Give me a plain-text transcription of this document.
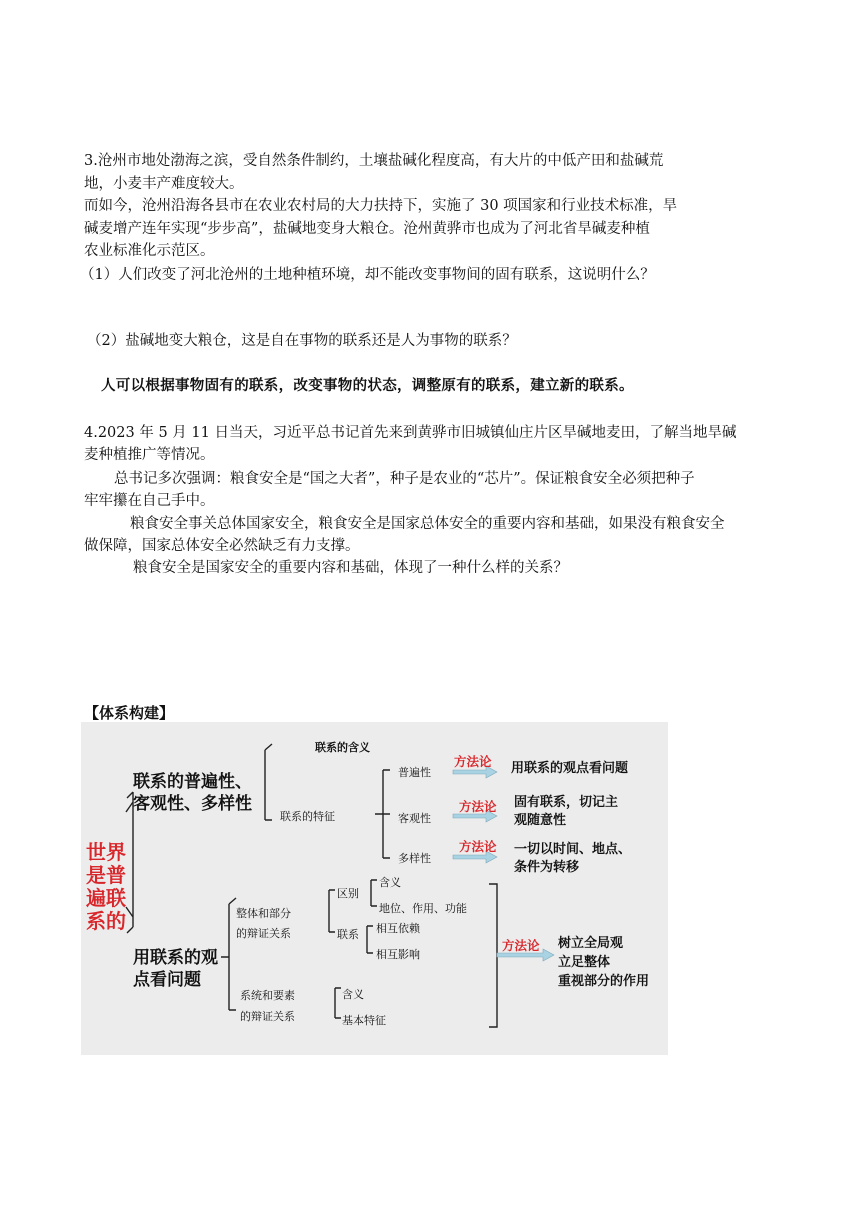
3.沧州市地处渤海之滨，受自然条件制约，土壤盐碱化程度高，有大片的中低产田和盐碱荒
地，小麦丰产难度较大。
而如今，沧州沿海各县市在农业农村局的大力扶持下，实施了 30 项国家和行业技术标准，旱
碱麦增产连年实现“步步高”，盐碱地变身大粮仓。沧州黄骅市也成为了河北省旱碱麦种植
农业标准化示范区。
（1）人们改变了河北沧州的土地种植环境，却不能改变事物间的固有联系，这说明什么？
（2）盐碱地变大粮仓，这是自在事物的联系还是人为事物的联系？
人可以根据事物固有的联系，改变事物的状态，调整原有的联系，建立新的联系。
4.2023 年 5 月 11 日当天，习近平总书记首先来到黄骅市旧城镇仙庄片区旱碱地麦田，了解当地旱碱
麦种植推广等情况。
总书记多次强调：粮食安全是“国之大者”，种子是农业的“芯片”。保证粮食安全必须把种子
牢牢攥在自己手中。
粮食安全事关总体国家安全，粮食安全是国家总体安全的重要内容和基础，如果没有粮食安全
做保障，国家总体安全必然缺乏有力支撑。
粮食安全是国家安全的重要内容和基础，体现了一种什么样的关系？
【体系构建】
世界
是普
遍联
系的
联系的普遍性、
客观性、多样性
联系的含义
联系的特征
普遍性
客观性
多样性
方法论
方法论
方法论
用联系的观点看问题
固有联系，切记主
观随意性
一切以时间、地点、
条件为转移
用联系的观
点看问题
整体和部分
的辩证关系
区别
联系
含义
地位、作用、功能
相互依赖
相互影响
系统和要素
的辩证关系
含义
基本特征
方法论 树立全局观
立足整体
重视部分的作用
